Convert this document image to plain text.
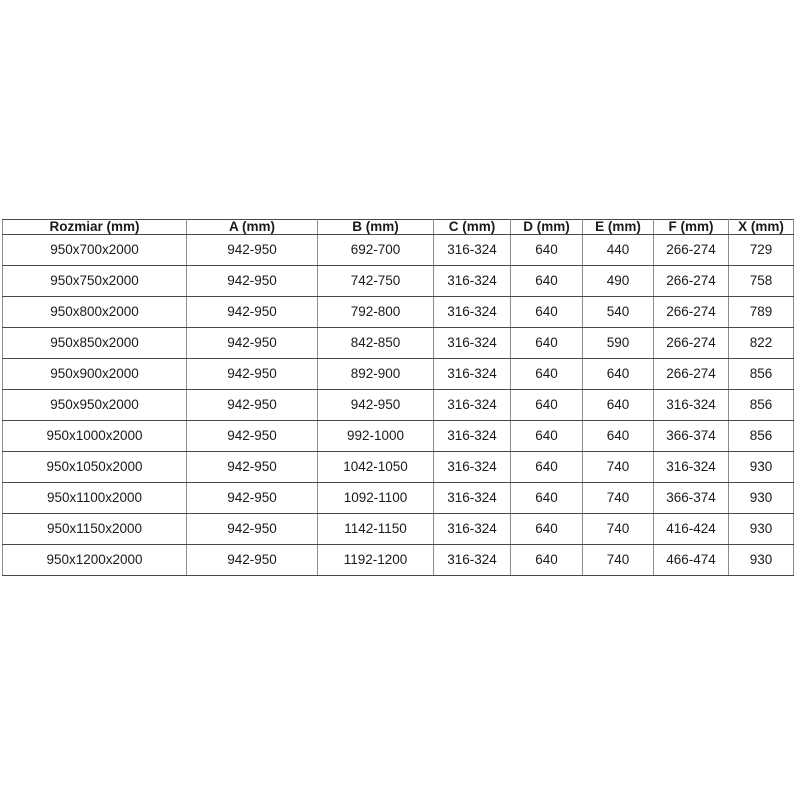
Rozmiar (mm)	A (mm)	B (mm)	C (mm)	D (mm)	E (mm)	F (mm)	X (mm)
950x700x2000	942-950	692-700	316-324	640	440	266-274	729
950x750x2000	942-950	742-750	316-324	640	490	266-274	758
950x800x2000	942-950	792-800	316-324	640	540	266-274	789
950x850x2000	942-950	842-850	316-324	640	590	266-274	822
950x900x2000	942-950	892-900	316-324	640	640	266-274	856
950x950x2000	942-950	942-950	316-324	640	640	316-324	856
950x1000x2000	942-950	992-1000	316-324	640	640	366-374	856
950x1050x2000	942-950	1042-1050	316-324	640	740	316-324	930
950x1100x2000	942-950	1092-1100	316-324	640	740	366-374	930
950x1150x2000	942-950	1142-1150	316-324	640	740	416-424	930
950x1200x2000	942-950	1192-1200	316-324	640	740	466-474	930
